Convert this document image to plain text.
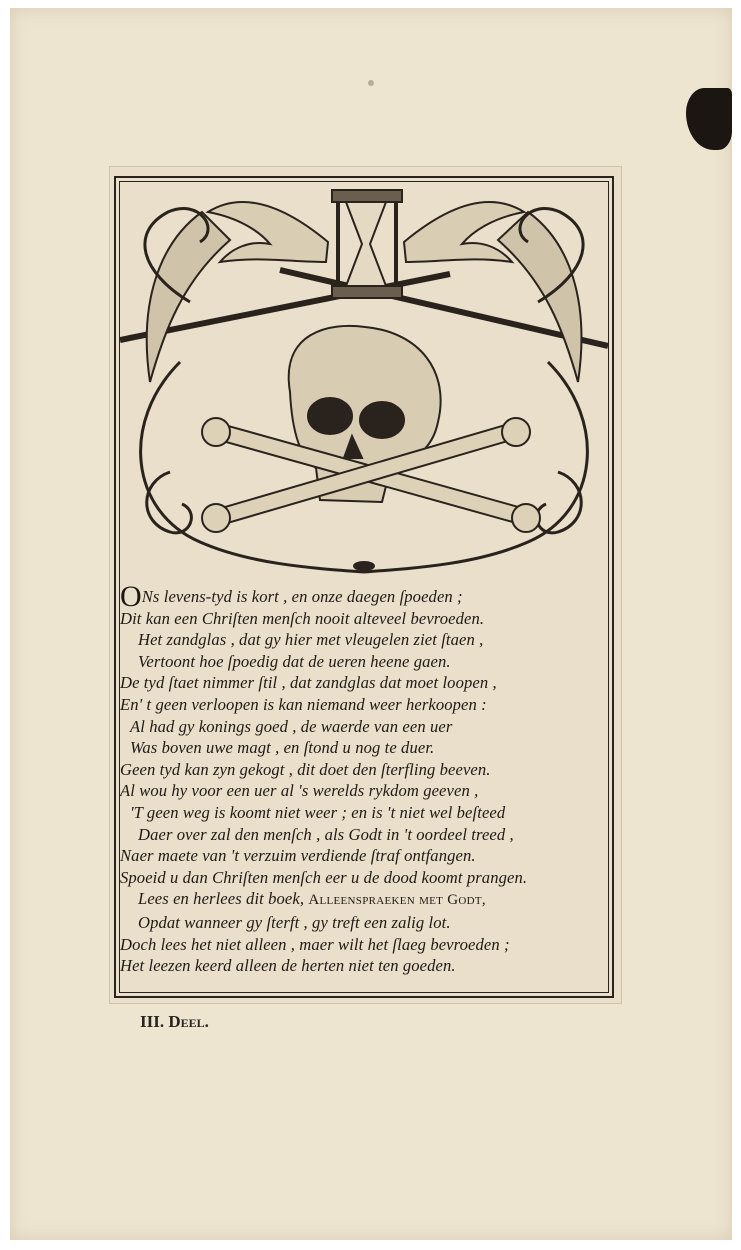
ONs levens-tyd is kort , en onze daegen ſpoeden ;
Dit kan een Chriſten menſch nooit alteveel bevroeden.
Het zandglas , dat gy hier met vleugelen ziet ſtaen ,
Vertoont hoe ſpoedig dat de ueren heene gaen.
De tyd ſtaet nimmer ſtil , dat zandglas dat moet loopen ,
En' t geen verloopen is kan niemand weer herkoopen :
Al had gy konings goed , de waerde van een uer
Was boven uwe magt , en ſtond u nog te duer.
Geen tyd kan zyn gekogt , dit doet den ſterfling beeven.
Al wou hy voor een uer al 's werelds rykdom geeven ,
'T geen weg is koomt niet weer ; en is 't niet wel beſteed
Daer over zal den menſch , als Godt in 't oordeel treed ,
Naer maete van 't verzuim verdiende ſtraf ontfangen.
Spoeid u dan Chriſten menſch eer u de dood koomt prangen.
Lees en herlees dit boek, Alleenspraeken met Godt,
Opdat wanneer gy ſterft , gy treft een zalig lot.
Doch lees het niet alleen , maer wilt het ſlaeg bevroeden ;
Het leezen keerd alleen de herten niet ten goeden.
III. Deel.
